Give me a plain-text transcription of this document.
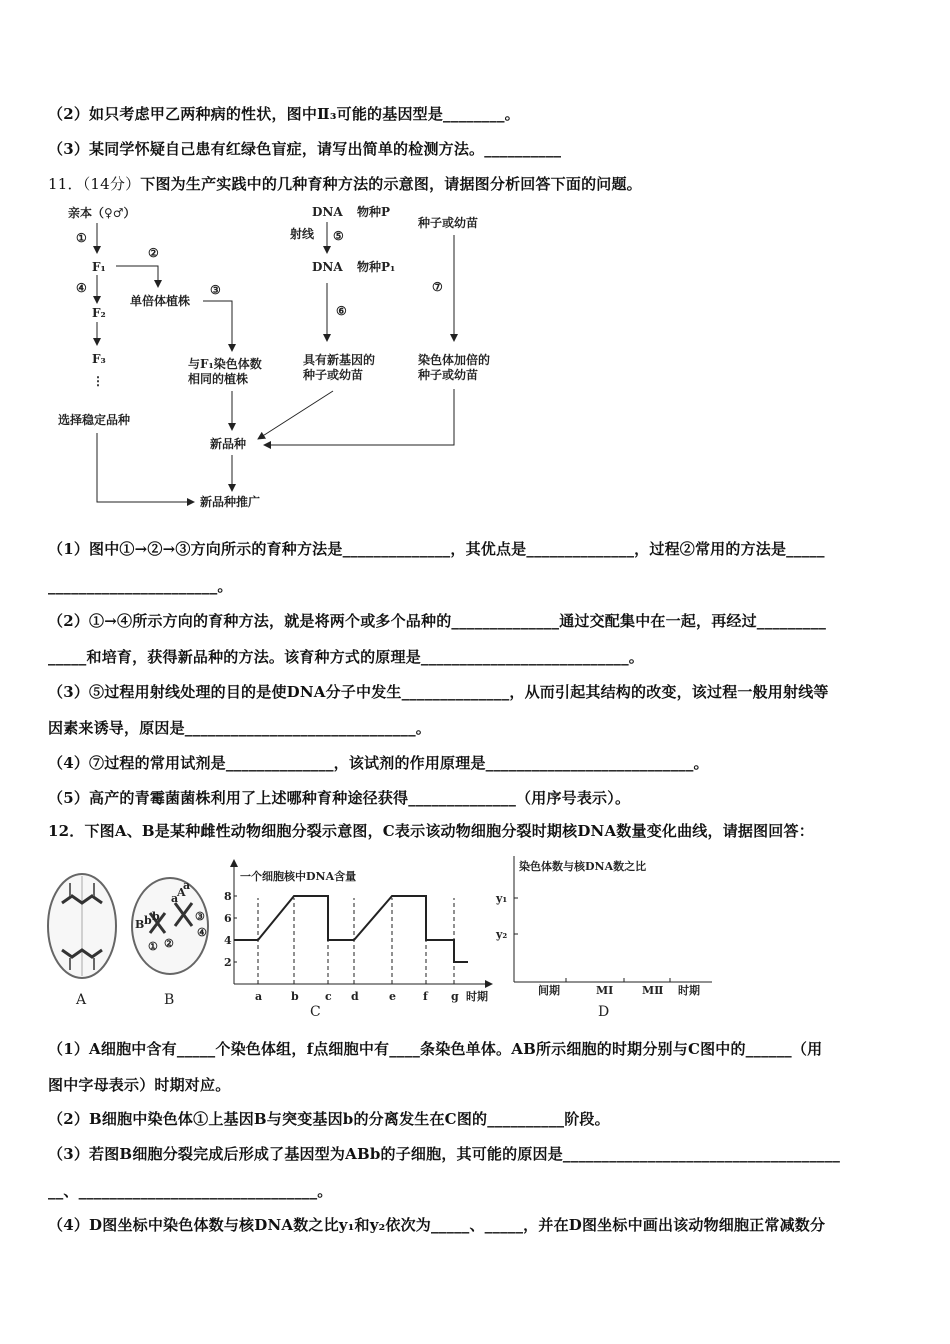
（2）如只考虑甲乙两种病的性状，图中Ⅱ₃可能的基因型是________。
（3）某同学怀疑自己患有红绿色盲症，请写出简单的检测方法。__________
11．（14分）下图为生产实践中的几种育种方法的示意图，请据图分析回答下面的问题。
亲本（♀♂）
①
F₁
④
F₂
F₃
⋮
选择稳定品种
新品种推广
②
单倍体植株
③
与F₁染色体数
相同的植株
新品种
DNA 物种P
射线 ⑤
DNA 物种P₁
⑥
具有新基因的
种子或幼苗
种子或幼苗
⑦
染色体加倍的
种子或幼苗
（1）图中①→②→③方向所示的育种方法是______________，其优点是______________，过程②常用的方法是_____
______________________。
（2）①→④所示方向的育种方法，就是将两个或多个品种的______________通过交配集中在一起，再经过_________
_____和培育，获得新品种的方法。该育种方式的原理是___________________________。
（3）⑤过程用射线处理的目的是使DNA分子中发生______________，从而引起其结构的改变，该过程一般用射线等
因素来诱导，原因是______________________________。
（4）⑦过程的常用试剂是______________，该试剂的作用原理是___________________________。
（5）高产的青霉菌菌株利用了上述哪种育种途径获得______________（用序号表示）。
12．下图A、B是某种雌性动物细胞分裂示意图，C表示该动物细胞分裂时期核DNA数量变化曲线，请据图回答：
A
B b b
A
a
a
① ②
③
④
B
一个细胞核中DNA含量
时期
C
2
4
6
8
a	b c d	e f g
染色体数与核DNA数之比
时期
D
y₁
y₂
间期	MⅠ	MⅡ
（1）A细胞中含有_____个染色体组，f点细胞中有____条染色单体。AB所示细胞的时期分别与C图中的______（用
图中字母表示）时期对应。
（2）B细胞中染色体①上基因B与突变基因b的分离发生在C图的__________阶段。
（3）若图B细胞分裂完成后形成了基因型为ABb的子细胞，其可能的原因是____________________________________
__、_______________________________。
（4）D图坐标中染色体数与核DNA数之比y₁和y₂依次为_____、_____，并在D图坐标中画出该动物细胞正常减数分
